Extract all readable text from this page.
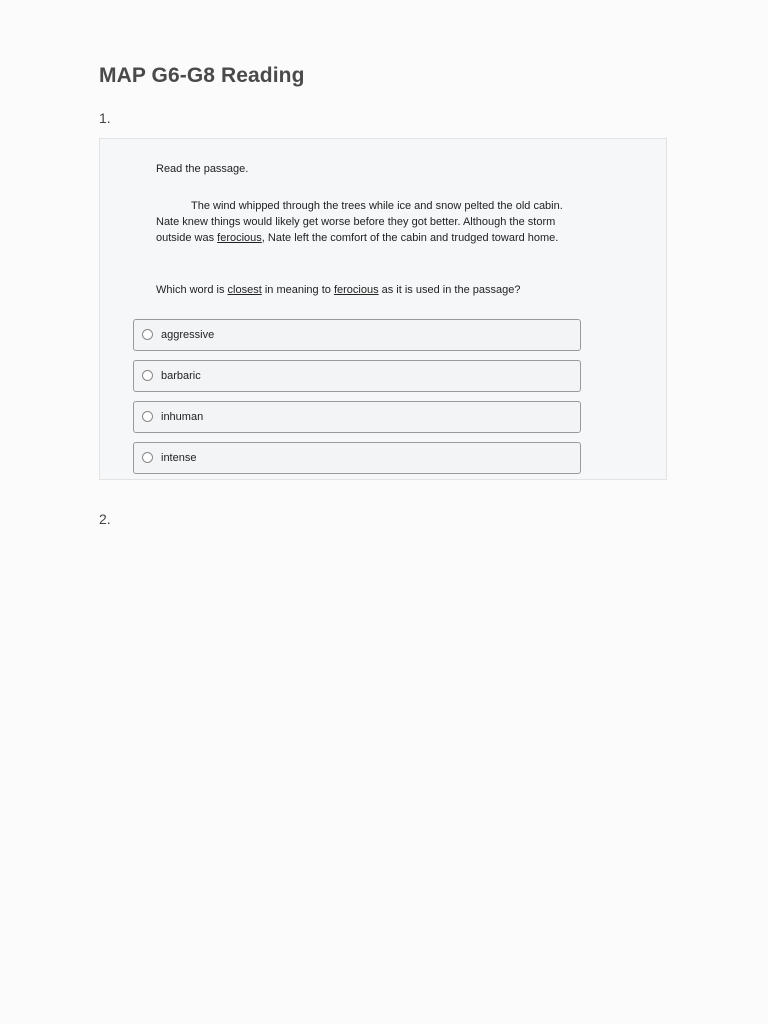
MAP G6-G8 Reading
1.
Read the passage.
The wind whipped through the trees while ice and snow pelted the old cabin. Nate knew things would likely get worse before they got better. Although the storm outside was ferocious, Nate left the comfort of the cabin and trudged toward home.
Which word is closest in meaning to ferocious as it is used in the passage?
aggressive
barbaric
inhuman
intense
2.
